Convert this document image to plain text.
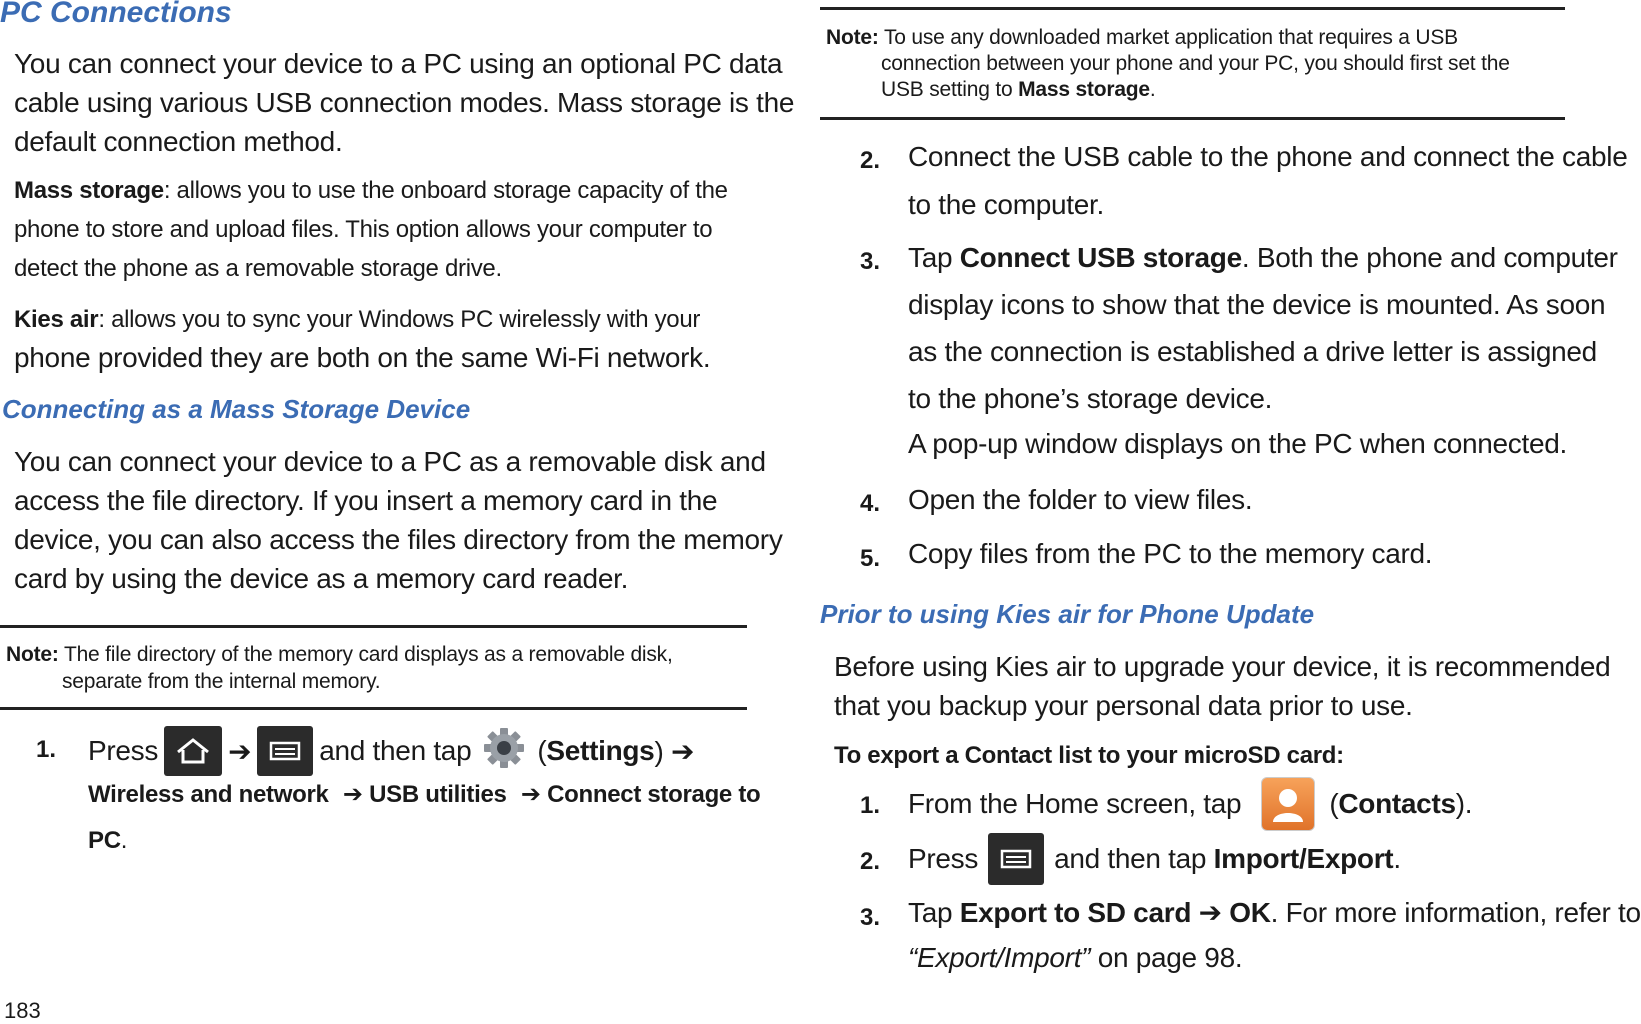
PC Connections
You can connect your device to a PC using an optional PC data
cable using various USB connection modes. Mass storage is the
default connection method.
Mass storage: allows you to use the onboard storage capacity of the
phone to store and upload files. This option allows your computer to
detect the phone as a removable storage drive.
Kies air: allows you to sync your Windows PC wirelessly with your
phone provided they are both on the same Wi-Fi network.
Connecting as a Mass Storage Device
You can connect your device to a PC as a removable disk and
access the file directory. If you insert a memory card in the
device, you can also access the files directory from the memory
card by using the device as a memory card reader.
Note: The file directory of the memory card displays as a removable disk,
separate from the internal memory.
1. Press	➔ and then tap ( Settings ) ➔
Wireless and network ➔ USB utilities ➔ Connect storage to
PC.
183
Note: To use any downloaded market application that requires a USB
connection between your phone and your PC, you should first set the
USB setting to Mass storage.
2. Connect the USB cable to the phone and connect the cable
to the computer.
3. Tap Connect USB storage. Both the phone and computer
display icons to show that the device is mounted. As soon
as the connection is established a drive letter is assigned
to the phone’s storage device.
A pop-up window displays on the PC when connected.
4. Open the folder to view files.
5. Copy files from the PC to the memory card.
Prior to using Kies air for Phone Update
Before using Kies air to upgrade your device, it is recommended
that you backup your personal data prior to use.
To export a Contact list to your microSD card:
1. From the Home screen, tap	( Contacts ).
2. Press	and then tap Import/Export.
3. Tap Export to SD card ➔ OK. For more information, refer to
“Export/Import” on page 98.
